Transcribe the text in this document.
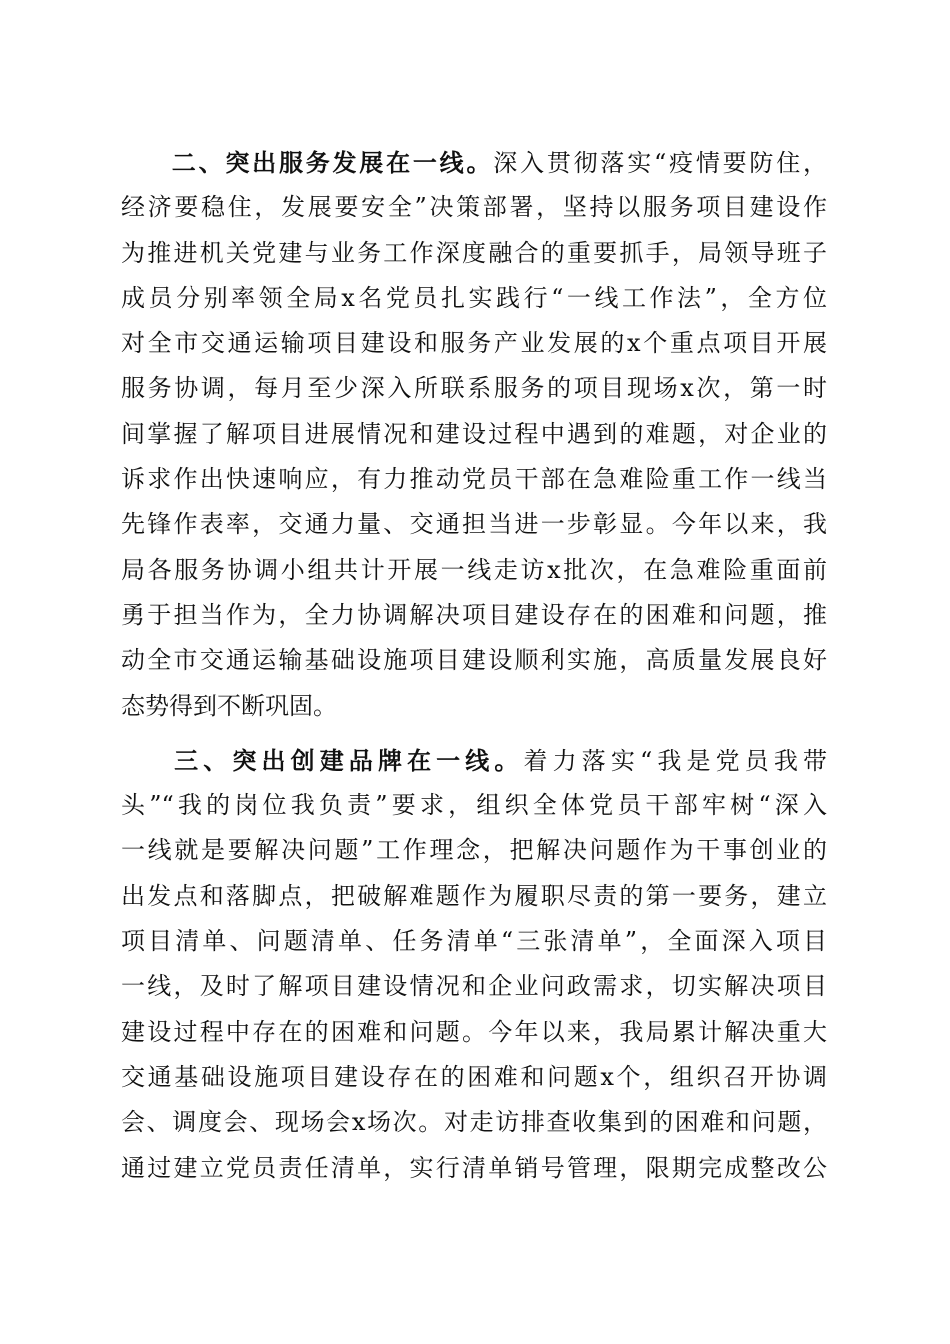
二、突出服务发展在一线。深入贯彻落实“疫情要防住，
经济要稳住，发展要安全”决策部署，坚持以服务项目建设作
为推进机关党建与业务工作深度融合的重要抓手，局领导班子
成员分别率领全局x名党员扎实践行“一线工作法”，全方位
对全市交通运输项目建设和服务产业发展的x个重点项目开展
服务协调，每月至少深入所联系服务的项目现场x次，第一时
间掌握了解项目进展情况和建设过程中遇到的难题，对企业的
诉求作出快速响应，有力推动党员干部在急难险重工作一线当
先锋作表率，交通力量、交通担当进一步彰显。今年以来，我
局各服务协调小组共计开展一线走访x批次，在急难险重面前
勇于担当作为，全力协调解决项目建设存在的困难和问题，推
动全市交通运输基础设施项目建设顺利实施，高质量发展良好
态势得到不断巩固。
三、突出创建品牌在一线。着力落实“我是党员我带
头”“我的岗位我负责”要求，组织全体党员干部牢树“深入
一线就是要解决问题”工作理念，把解决问题作为干事创业的
出发点和落脚点，把破解难题作为履职尽责的第一要务，建立
项目清单、问题清单、任务清单“三张清单”，全面深入项目
一线，及时了解项目建设情况和企业问政需求，切实解决项目
建设过程中存在的困难和问题。今年以来，我局累计解决重大
交通基础设施项目建设存在的困难和问题x个，组织召开协调
会、调度会、现场会x场次。对走访排查收集到的困难和问题，
通过建立党员责任清单，实行清单销号管理，限期完成整改公
